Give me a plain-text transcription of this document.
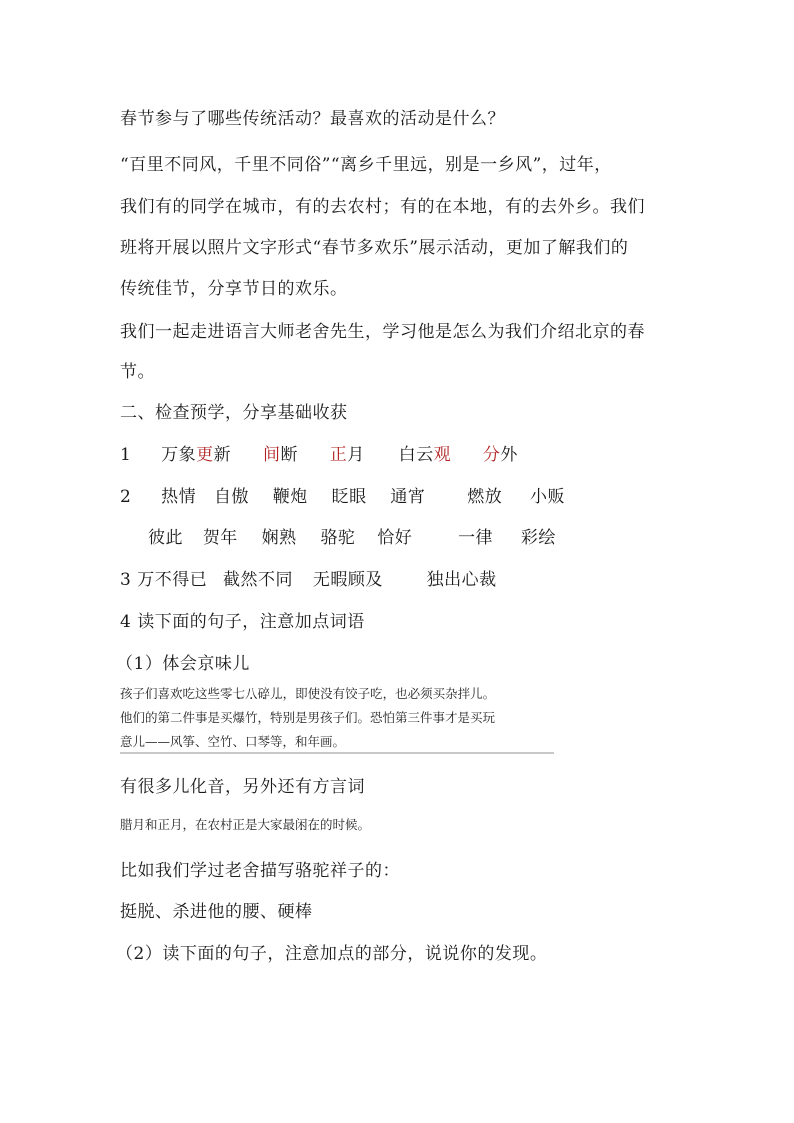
春节参与了哪些传统活动？最喜欢的活动是什么？
“百里不同风，千里不同俗”“离乡千里远，别是一乡风”，过年，
我们有的同学在城市，有的去农村；有的在本地，有的去外乡。我们
班将开展以照片文字形式“春节多欢乐”展示活动，更加了解我们的
传统佳节，分享节日的欢乐。
我们一起走进语言大师老舍先生，学习他是怎么为我们介绍北京的春
节。
二、检查预学，分享基础收获
1 万象更新 间断 正月 白云观 分外
2 热情 自傲 鞭炮 眨眼 通宵 燃放 小贩
彼此 贺年 娴熟 骆驼 恰好	一律 彩绘
3 万不得已 截然不同 无暇顾及	独出心裁
4 读下面的句子，注意加点词语
（1）体会京味儿
孩子们喜欢吃这些零七八碎儿，即使没有饺子吃，也必须买杂拌儿。
他们的第二件事是买爆竹，特别是男孩子们。恐怕第三件事才是买玩
意儿——风筝、空竹、口琴等，和年画。
有很多儿化音，另外还有方言词
腊月和正月，在农村正是大家最闲在的时候。
比如我们学过老舍描写骆驼祥子的：
挺脱、杀进他的腰、硬棒
（2）读下面的句子，注意加点的部分，说说你的发现。
